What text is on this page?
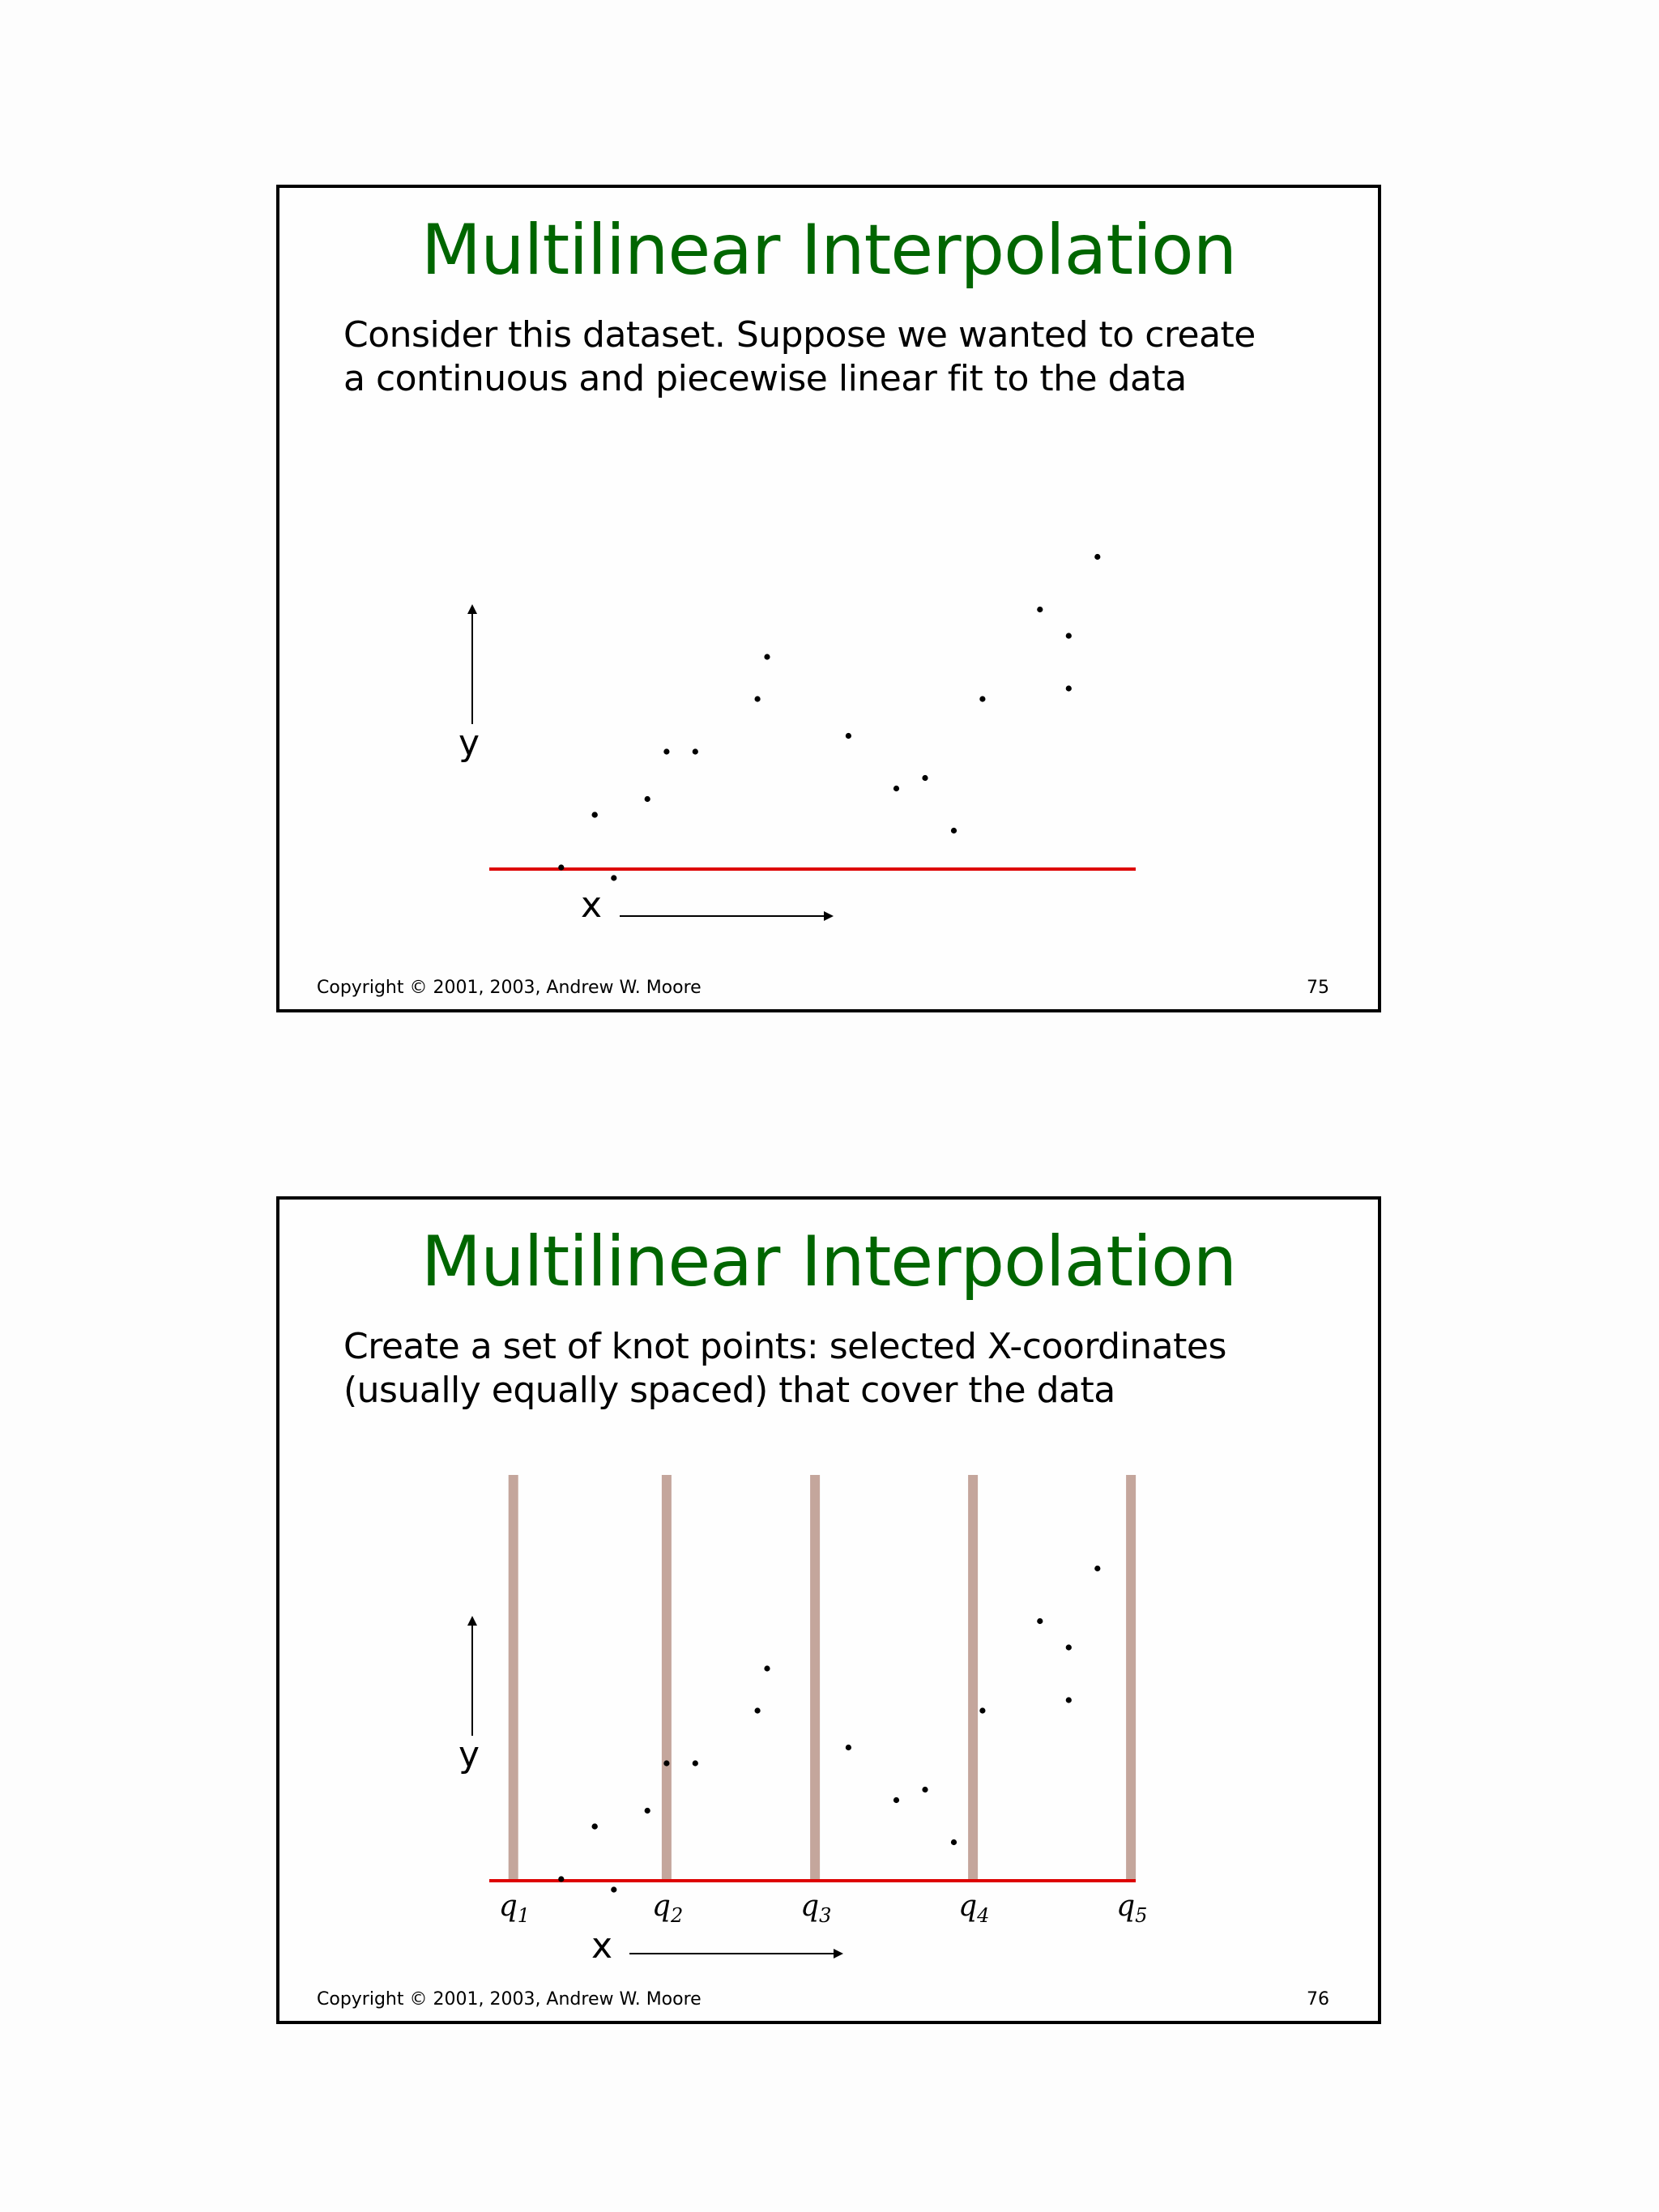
Multilinear Interpolation

Consider this dataset. Suppose we wanted to create a continuous and piecewise linear fit to the data

y
x
Copyright © 2001, 2003, Andrew W. Moore	75
Multilinear Interpolation

Create a set of knot points: selected X-coordinates (usually equally spaced) that cover the data

y
$q_1$	$q_2$	$q_3$	$q_4$	$q_5$
x
Copyright © 2001, 2003, Andrew W. Moore	76
